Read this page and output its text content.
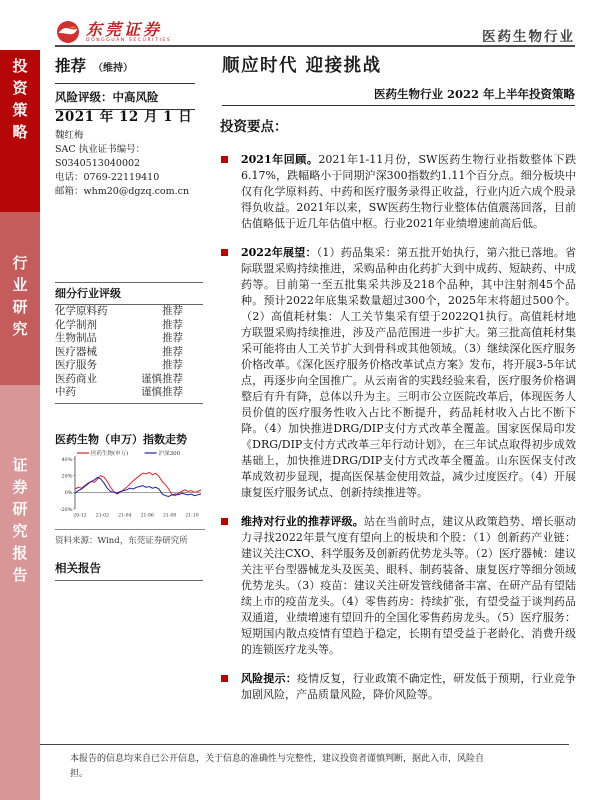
投资策略
行业研究
证券研究报告
东莞证券
DONGGUAN SECURITIES	医药生物行业
推荐 （维持）
风险评级：中高风险
顺应时代 迎接挑战
医药生物行业 2022 年上半年投资策略
2021 年 12 月 1 日
魏红梅
SAC 执业证书编号：
S0340513040002
电话：0769-22119410
邮箱：whm20@dgzq.com.cn
细分行业评级
化学原料药	推荐
化学制剂	推荐
生物制品	推荐
医疗器械	推荐
医疗服务	推荐
医药商业	谨慎推荐
中药	谨慎推荐
医药生物（申万）指数走势
医药生物(申万)	沪深300
40%
20%
0%
-20%
20-12 21-02 21-04 21-06 21-08 21-10
资料来源：Wind，东莞证券研究所
相关报告
投资要点：

2021年回顾。2021年1-11月份，SW医药生物行业指数整体下跌6.17%，跌幅略小于同期沪深300指数约1.11个百分点。细分板块中仅有化学原料药、中药和医疗服务录得正收益，行业内近六成个股录得负收益。2021年以来，SW医药生物行业整体估值震荡回落，目前估值略低于近几年估值中枢。行业2021年业绩增速前高后低。

2022年展望：（1）药品集采：第五批开始执行，第六批已落地。省际联盟采购持续推进，采购品种由化药扩大到中成药、短缺药、中成药等。目前第一至五批集采共涉及218个品种，其中注射剂45个品种。预计2022年底集采数量超过300个，2025年末将超过500个。（2）高值耗材集：人工关节集采有望于2022Q1执行。高值耗材地方联盟采购持续推进，涉及产品范围进一步扩大。第三批高值耗材集采可能将由人工关节扩大到骨科或其他领域。（3）继续深化医疗服务价格改革。《深化医疗服务价格改革试点方案》发布，将开展3-5年试点，再逐步向全国推广。从云南省的实践经验来看，医疗服务价格调整后有升有降，总体以升为主。三明市公立医院改革后，体现医务人员价值的医疗服务性收入占比不断提升，药品耗材收入占比不断下降。（4）加快推进DRG/DIP支付方式改革全覆盖。国家医保局印发《DRG/DIP支付方式改革三年行动计划》，在三年试点取得初步成效基础上，加快推进DRG/DIP支付方式改革全覆盖。山东医保支付改革成效初步显现，提高医保基金使用效益，减少过度医疗。（4）开展康复医疗服务试点、创新持续推进等。

维持对行业的推荐评级。站在当前时点，建议从政策趋势、增长驱动力寻找2022年景气度有望向上的板块和个股：（1）创新药产业链：建议关注CXO、科学服务及创新药优势龙头等。（2）医疗器械：建议关注平台型器械龙头及医美、眼科、制药装备、康复医疗等细分领域优势龙头。（3）疫苗：建议关注研发管线储备丰富、在研产品有望陆续上市的疫苗龙头。（4）零售药房：持续扩张，有望受益于谈判药品双通道，业绩增速有望回升的全国化零售药房龙头。（5）医疗服务：短期国内散点疫情有望趋于稳定，长期有望受益于老龄化、消费升级的连锁医疗龙头等。

风险提示：疫情反复，行业政策不确定性，研发低于预期，行业竞争加剧风险，产品质量风险，降价风险等。

本报告的信息均来自已公开信息，关于信息的准确性与完整性，建议投资者谨慎判断，据此入市，风险自担。
